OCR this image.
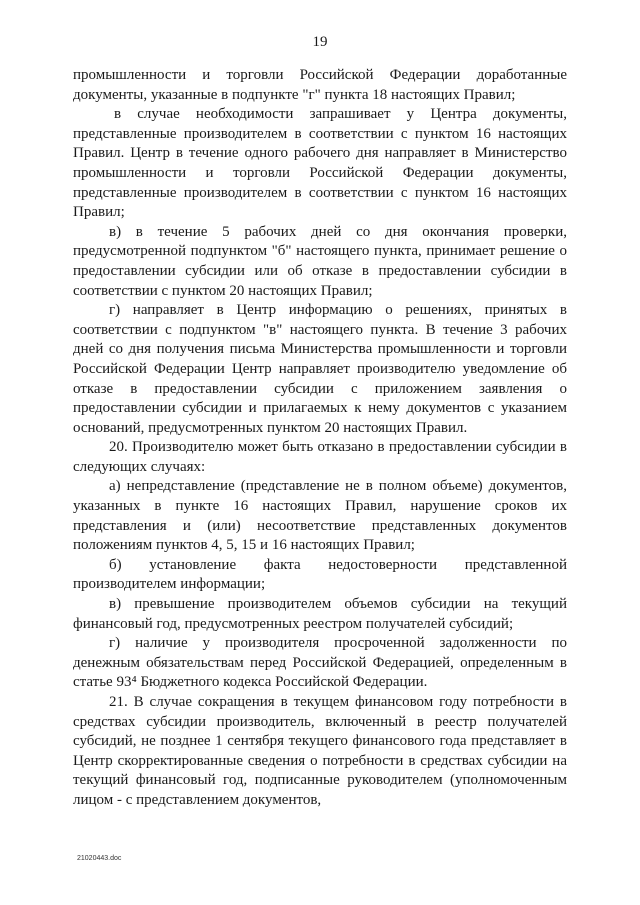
19

промышленности и торговли Российской Федерации доработанные документы, указанные в подпункте "г" пункта 18 настоящих Правил;

в случае необходимости запрашивает у Центра документы, представленные производителем в соответствии с пунктом 16 настоящих Правил. Центр в течение одного рабочего дня направляет в Министерство промышленности и торговли Российской Федерации документы, представленные производителем в соответствии с пунктом 16 настоящих Правил;

в) в течение 5 рабочих дней со дня окончания проверки, предусмотренной подпунктом "б" настоящего пункта, принимает решение о предоставлении субсидии или об отказе в предоставлении субсидии в соответствии с пунктом 20 настоящих Правил;

г) направляет в Центр информацию о решениях, принятых в соответствии с подпунктом "в" настоящего пункта. В течение 3 рабочих дней со дня получения письма Министерства промышленности и торговли Российской Федерации Центр направляет производителю уведомление об отказе в предоставлении субсидии с приложением заявления о предоставлении субсидии и прилагаемых к нему документов с указанием оснований, предусмотренных пунктом 20 настоящих Правил.

20. Производителю может быть отказано в предоставлении субсидии в следующих случаях:

а) непредставление (представление не в полном объеме) документов, указанных в пункте 16 настоящих Правил, нарушение сроков их представления и (или) несоответствие представленных документов положениям пунктов 4, 5, 15 и 16 настоящих Правил;

б) установление факта недостоверности представленной производителем информации;

в) превышение производителем объемов субсидии на текущий финансовый год, предусмотренных реестром получателей субсидий;

г) наличие у производителя просроченной задолженности по денежным обязательствам перед Российской Федерацией, определенным в статье 93⁴ Бюджетного кодекса Российской Федерации.

21. В случае сокращения в текущем финансовом году потребности в средствах субсидии производитель, включенный в реестр получателей субсидий, не позднее 1 сентября текущего финансового года представляет в Центр скорректированные сведения о потребности в средствах субсидии на текущий финансовый год, подписанные руководителем (уполномоченным лицом - с представлением документов,

21020443.doc
